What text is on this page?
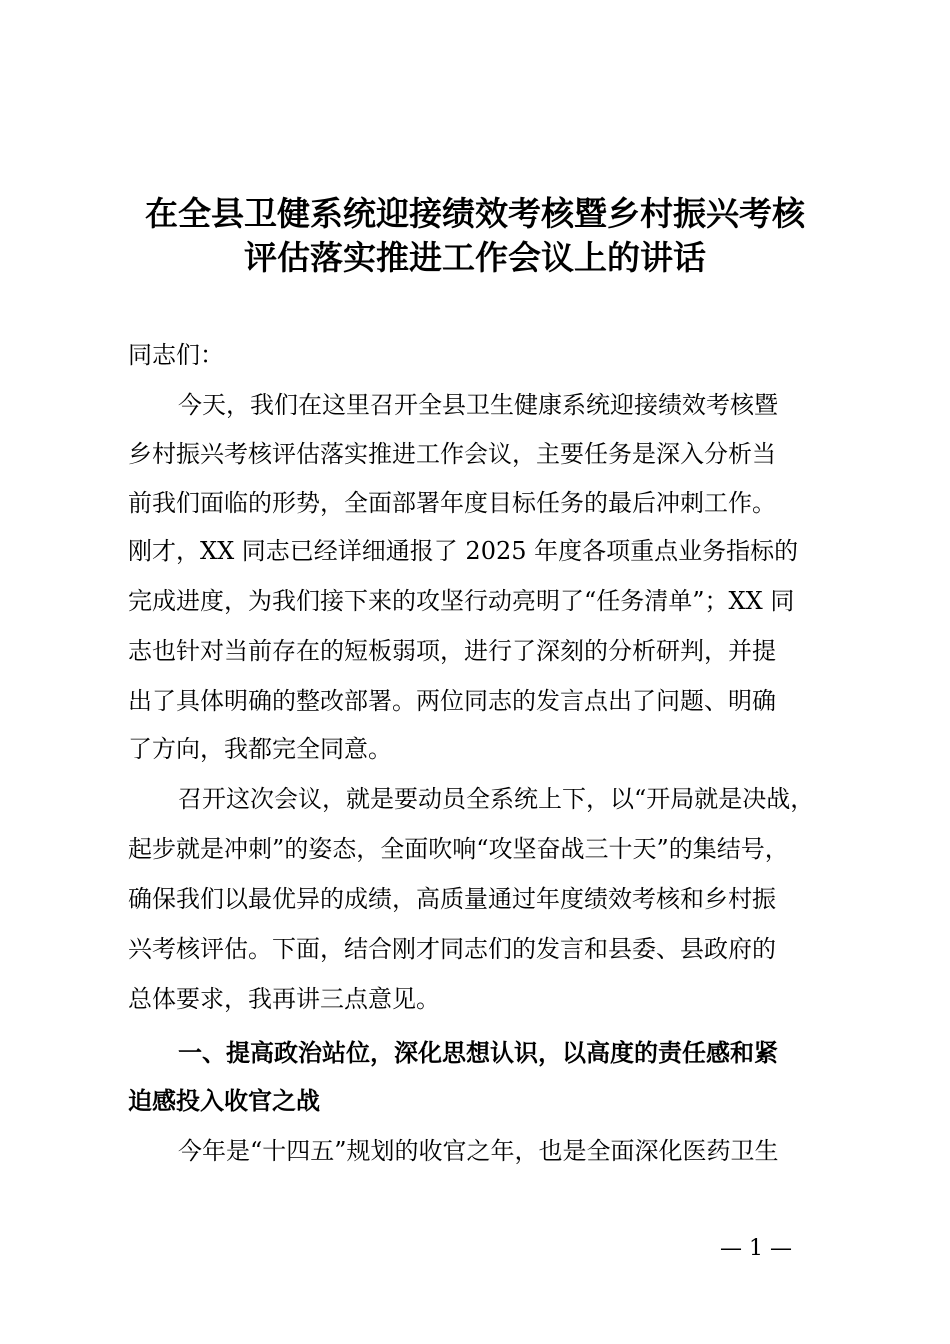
在全县卫健系统迎接绩效考核暨乡村振兴考核
评估落实推进工作会议上的讲话
同志们：
今天，我们在这里召开全县卫生健康系统迎接绩效考核暨
乡村振兴考核评估落实推进工作会议，主要任务是深入分析当
前我们面临的形势，全面部署年度目标任务的最后冲刺工作。
刚才，XX 同志已经详细通报了 2025 年度各项重点业务指标的
完成进度，为我们接下来的攻坚行动亮明了“任务清单”；XX 同
志也针对当前存在的短板弱项，进行了深刻的分析研判，并提
出了具体明确的整改部署。两位同志的发言点出了问题、明确
了方向，我都完全同意。
召开这次会议，就是要动员全系统上下，以“开局就是决战，
起步就是冲刺”的姿态，全面吹响“攻坚奋战三十天”的集结号，
确保我们以最优异的成绩，高质量通过年度绩效考核和乡村振
兴考核评估。下面，结合刚才同志们的发言和县委、县政府的
总体要求，我再讲三点意见。
一、提高政治站位，深化思想认识，以高度的责任感和紧
迫感投入收官之战
今年是“十四五”规划的收官之年，也是全面深化医药卫生
— 1 —
